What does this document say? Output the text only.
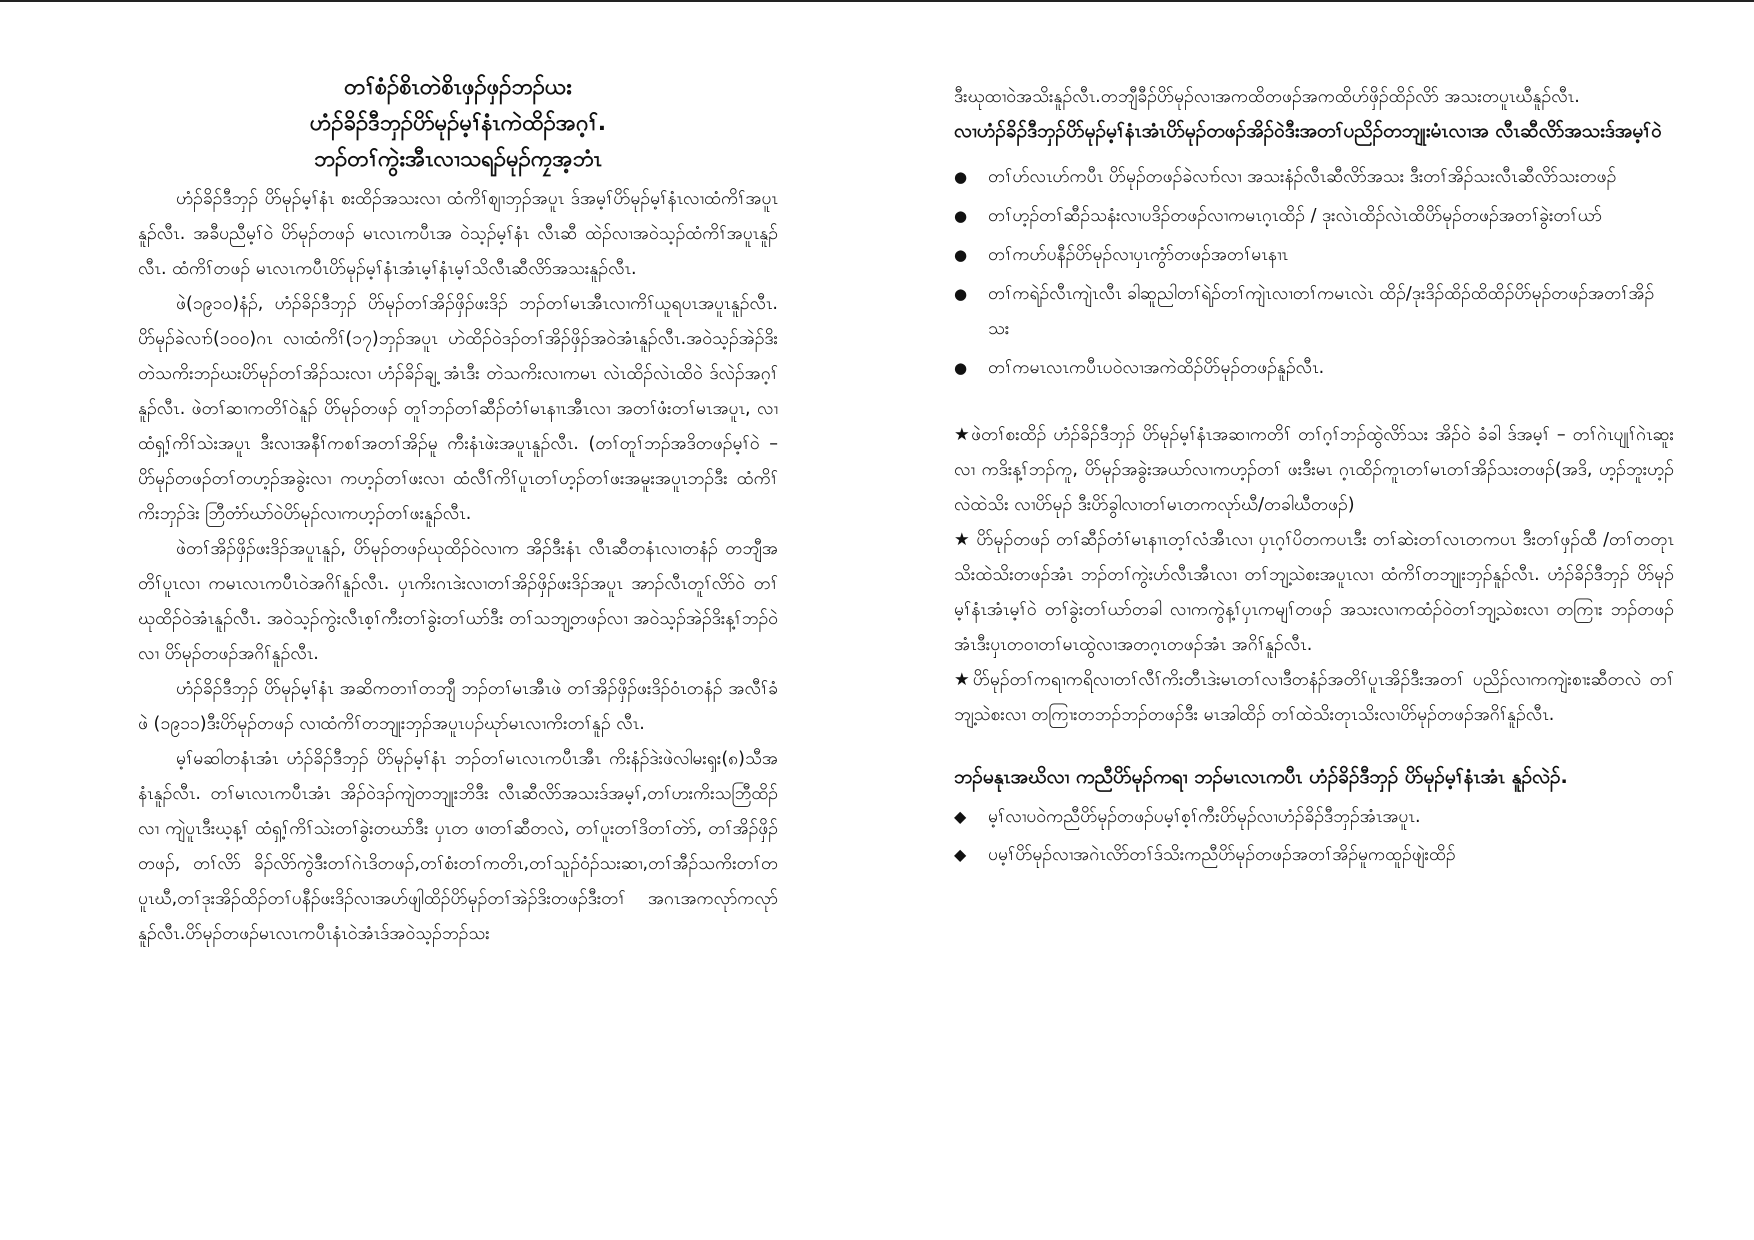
တၢ်စံၣ်စိၤတဲစိၤဖှၣ်ဖှၣ်ဘၣ်ယး
ဟံၣ်ခိၣ်ဒီဘှၣ်ပိာ်မုၣ်မ့ၢ်နံၤကဲထိၣ်အဂ့ၢ်.
ဘၣ်တၢ်ကွဲးအီၤလၢသရၣ်မုၣ်ကၠအ့ဘံၤ

ဟံၣ်ခိၣ်ဒီဘှၣ် ပိာ်မုၣ်မ့ၢ်နံၤ စးထိၣ်အသးလၢ ထံကိၢ်ဈၢဘှၣ်အပူၤ ဒ်အမ့ၢ်ပိာ်မုၣ်မ့ၢ်နံၤလၢထံကိၢ်အပူၤနူၣ်လီၤ. အခီပညီမ့ၢ်ဝဲ ပိာ်မုၣ်တဖၣ် မၤလၤကပီၤအ ဝဲသ့ၣ်မ့ၢ်နံၤ လီၤဆီ ထဲၣ်လၢအဝဲသ့ၣ်ထံကိၢ်အပူၤနူၣ်လီၤ. ထံကိၢ်တဖၣ် မၤလၤကပီၤပိာ်မုၣ်မ့ၢ်နံၤအံၤမ့ၢ်နံၤမ့ၢ်သိလီၤဆီလိာ်အသးနူၣ်လီၤ.

ဖဲ(၁၉၁၀)နံၣ်, ဟံၣ်ခိၣ်ဒီဘှၣ် ပိာ်မုၣ်တၢ်အိၣ်ဖှိၣ်ဖးဒိၣ် ဘၣ်တၢ်မၤအီၤလၢကိၢ်ယူရပၤအပူၤနူၣ်လီၤ. ပိာ်မုၣ်ခဲလၢာ်(၁၀၀)ဂၤ လၢထံကိၢ်(၁၇)ဘှၣ်အပူၤ ဟဲထိၣ်ဝဲဒၣ်တၢ်အိၣ်ဖှိၣ်အဝဲအံၤနူၣ်လီၤ.အဝဲသ့ၣ်အဲၣ်ဒိးတဲသကိးဘၣ်ဃးပိာ်မုၣ်တၢ်အိၣ်သးလၢ ဟံၣ်ခိၣ်ချ့ အံၤဒီး တဲသကိးလၢကမၤ လဲၤထိၣ်လဲၤထိဝဲ ဒ်လဲၣ်အဂ့ၢ်နူၣ်လီၤ. ဖဲတၢ်ဆၢကတိၢ်ဝဲနူၣ် ပိာ်မုၣ်တဖၣ် တူၢ်ဘၣ်တၢ်ဆီၣ်တံၢ်မၤနၢၤအီၤလၢ အတၢ်ဖံးတၢ်မၤအပူၤ, လၢထံရှ့ၢ်ကိၢ်သဲးအပူၤ ဒီးလၢအနီၢ်ကစၢ်အတၢ်အိၣ်မူ ကီးနံၤဖဲးအပူၤနူၣ်လီၤ. (တၢ်တူၢ်ဘၣ်အဒိတဖၣ်မ့ၢ်ဝဲ – ပိာ်မုၣ်တဖၣ်တၢ်တဟ့ၣ်အခွဲးလၢ ကဟ့ၣ်တၢ်ဖးလၢ ထံလီၢ်ကိၢ်ပူၤတၢ်ဟ့ၣ်တၢ်ဖးအမူးအပူၤဘၣ်ဒီး ထံကိၢ်ကိးဘှၣ်ဒဲး ဘြီတံာ်ဃာ်ဝဲပိာ်မုၣ်လၢကဟ့ၣ်တၢ်ဖးနူၣ်လီၤ.

ဖဲတၢ်အိၣ်ဖှိၣ်ဖးဒိၣ်အပူၤနူၣ်, ပိာ်မုၣ်တဖၣ်ဃုထိၣ်ဝဲလၢက အိၣ်ဒီးနံၤ လီၤဆီတနံၤလၢတနံၣ် တဘျီအတိၢ်ပူၤလၢ ကမၤလၤကပီၤဝဲအဂိၢ်နူၣ်လီၤ. ပှၤကိးဂၤဒဲးလၢတၢ်အိၣ်ဖှိၣ်ဖးဒိၣ်အပူၤ အာၣ်လီၤတူၢ်လိာ်ဝဲ တၢ်ဃုထိၣ်ဝဲအံၤနူၣ်လီၤ. အဝဲသ့ၣ်ကွဲးလီၤစ့ၢ်ကီးတၢ်ခွဲးတၢ်ယာ်ဒီး တၢ်သဘျ့တဖၣ်လၢ အဝဲသ့ၣ်အဲၣ်ဒိးန့ၢ်ဘၣ်ဝဲလၢ ပိာ်မုၣ်တဖၣ်အဂိၢ်နူၣ်လီၤ.

ဟံၣ်ခိၣ်ဒီဘှၣ် ပိာ်မုၣ်မ့ၢ်နံၤ အဆိကတၢၢ်တဘျီ ဘၣ်တၢ်မၤအီၤဖဲ တၢ်အိၣ်ဖှိၣ်ဖးဒိၣ်ဝံၤတနံၣ် အလီၢ်ခံဖဲ (၁၉၁၁)ဒီးပိာ်မုၣ်တဖၣ် လၢထံကိၢ်တဘျုးဘှၣ်အပူၤပၣ်ဃုာ်မၤလၢကိးတၢ်နူၣ် လီၤ.

မ့ၢ်မဆါတနံၤအံၤ ဟံၣ်ခိၣ်ဒီဘှၣ် ပိာ်မုၣ်မ့ၢ်နံၤ ဘၣ်တၢ်မၤလၤကပီၤအီၤ ကိးနံၣ်ဒဲးဖဲလါမးၡး(၈)သီအနံၤနူၣ်လီၤ. တၢ်မၤလၤကပီၤအံၤ အိၣ်ဝဲဒၣ်ကျဲတဘျုးဘိဒီး လီၤဆီလိာ်အသးဒ်အမ့ၢ်,တၢ်ဟးကိးသဘြီထိၣ်လၢ ကျဲပူၤဒီးဃ့န့ၢ် ထံရှ့ၢ်ကိၢ်သဲးတၢ်ခွဲးတဃာ်ဒီး ပှၤတ ဖၢတၢ်ဆီတလဲ, တၢ်ပူးတၢ်ဒိတၢ်တဲာ်, တၢ်အိၣ်ဖှိၣ်တဖၣ်, တၢ်လိာ် ခိၣ်လိာ်ကွဲဒီးတၢ်ဂဲၤဒိတဖၣ်,တၢ်စံးတၢ်ကတိၤ,တၢ်သူၣ်ဝံၣ်သးဆၢ,တၢ်အီၣ်သကိးတၢ်တ ပူၤဃီ,တၢ်ဒုးအိၣ်ထိၣ်တၢ်ပနီၣ်ဖးဒိၣ်လၢအဟ်ဖျါထိၣ်ပိာ်မုၣ်တၢ်အဲၣ်ဒိးတဖၣ်ဒီးတၢ် အဂၤအကလုာ်ကလုာ်နူၣ်လီၤ.ပိာ်မုၣ်တဖၣ်မၤလၤကပီၤနံၤဝဲအံၤဒ်အဝဲသ့ၣ်ဘၣ်သး

ဒီးဃုထၢဝဲအသိးနူၣ်လီၤ.တဘျီခီၣ်ပိာ်မုၣ်လၢအကထိတဖၣ်အကထိဟ်ဖှိၣ်ထိၣ်လိာ် အသးတပူၤဃီနူၣ်လီၤ.

လၢဟံၣ်ခိၣ်ဒီဘှၣ်ပိာ်မုၣ်မ့ၢ်နံၤအံၤပိာ်မုၣ်တဖၣ်အိၣ်ဝဲဒီးအတၢ်ပညိၣ်တဘျုးမံၤလၢအ လီၤဆီလိာ်အသးဒ်အမ့ၢ်ဝဲ

●	တၢ်ဟ်လၤဟ်ကပီၤ ပိာ်မုၣ်တဖၣ်ခဲလၢာ်လၢ အသးနံၣ်လီၤဆီလိာ်အသး ဒီးတၢ်အိၣ်သးလီၤဆီလိာ်သးတဖၣ်
●	တၢ်ဟ့ၣ်တၢ်ဆီၣ်သနံးလၢပဒိၣ်တဖၣ်လၢကမၤဂ့ၤထိၣ် / ဒုးလဲၤထိၣ်လဲၤထိပိာ်မုၣ်တဖၣ်အတၢ်ခွဲးတၢ်ယာ်
●	တၢ်ကဟ်ပနီၣ်ပိာ်မုၣ်လၢပှၤကွံာ်တဖၣ်အတၢ်မၤနၢၤ
●	တၢ်ကရဲၣ်လီၤကျဲၤလီၤ ခါဆူညါတၢ်ရဲၣ်တၢ်ကျဲၤလၢတၢ်ကမၤလဲၤ ထိၣ်/ဒုးဒိၣ်ထိၣ်ထိထိၣ်ပိာ်မုၣ်တဖၣ်အတၢ်အိၣ်သး
●	တၢ်ကမၤလၤကပီၤပဝဲလၢအကဲထိၣ်ပိာ်မုၣ်တဖၣ်နူၣ်လီၤ.

★ဖဲတၢ်စးထိၣ် ဟံၣ်ခိၣ်ဒီဘှၣ် ပိာ်မုၣ်မ့ၢ်နံၤအဆၢကတိၢ် တၢ်ဂ့ၢ်ဘၣ်ထွဲလိာ်သး အိၣ်ဝဲ ခံခါ ဒ်အမ့ၢ် – တၢ်ဂဲၤပျုၢ်ဂဲၤဆူးလၢ ကဒိးန့ၢ်ဘၣ်ကူ, ပိာ်မုၣ်အခွဲးအယာ်လၢကဟ့ၣ်တၢ် ဖးဒီးမၤ ဂ့ၤထိၣ်ကူၤတၢ်မၤတၢ်အိၣ်သးတဖၣ်(အဒိ, ဟ့ၣ်ဘူးဟ့ၣ်လဲထဲသိး လၢပိာ်မုၣ် ဒီးပိာ်ခွါလၢတၢ်မၤတကလုာ်ဃီ/တခါဃီတဖၣ်)

★ ပိာ်မုၣ်တဖၣ် တၢ်ဆီၣ်တံၢ်မၤနၢၤတ့ၢ်လံအီၤလၢ ပှၤဂ့ၢ်ပိတကပၤဒီး တၢ်ဆဲးတၢ်လၤတကပၤ ဒီးတၢ်ဖှၣ်ထီ /တၢ်တတုၤသိးထဲသိးတဖၣ်အံၤ ဘၣ်တၢ်ကွဲးဟ်လီၤအီၤလၢ တၢ်ဘျ့သဲစးအပူၤလၢ ထံကိၢ်တဘျုးဘှၣ်နူၣ်လီၤ. ဟံၣ်ခိၣ်ဒီဘှၣ် ပိာ်မုၣ်မ့ၢ်နံၤအံၤမ့ၢ်ဝဲ တၢ်ခွဲးတၢ်ယာ်တခါ လၢကကွဲန့ၢ်ပှၤကမျၢ်တဖၣ် အသးလၢကထံၣ်ဝဲတၢ်ဘျ့သဲစးလၢ တကြၢး ဘၣ်တဖၣ်အံၤဒီးပှၤတဝၢတၢ်မၤထွဲလၢအတဂ့ၤတဖၣ်အံၤ အဂိၢ်နူၣ်လီၤ.

★ပိာ်မုၣ်တၢ်ကရၢကရိလၢတၢ်လီၢ်ကိးတီၤဒဲးမၤတၢ်လၢဒီတနံၣ်အတိၢ်ပူၤအိၣ်ဒီးအတၢ် ပညိၣ်လၢကကျဲးစၢးဆီတလဲ တၢ်ဘျ့သဲစးလၢ တကြၢးတဘၣ်ဘၣ်တဖၣ်ဒီး မၤအါထိၣ် တၢ်ထဲသိးတုၤသိးလၢပိာ်မုၣ်တဖၣ်အဂိၢ်နူၣ်လီၤ.

ဘၣ်မနုၤအဃိလၢ ကညီပိာ်မုၣ်ကရၢ ဘၣ်မၤလၤကပီၤ ဟံၣ်ခိၣ်ဒီဘှၣ် ပိာ်မုၣ်မ့ၢ်နံၤအံၤ နူၣ်လဲၣ်.

◆	မ့ၢ်လၢပဝဲကညီပိာ်မုၣ်တဖၣ်ပမ့ၢ်စ့ၢ်ကီးပိာ်မုၣ်လၢဟံၣ်ခိၣ်ဒီဘှၣ်အံၤအပူၤ.
◆	ပမ့ၢ်ပိာ်မုၣ်လၢအဂဲၤလိာ်တၢ်ဒ်သိးကညီပိာ်မုၣ်တဖၣ်အတၢ်အိၣ်မူကထူၣ်ဖျဲးထိၣ်
